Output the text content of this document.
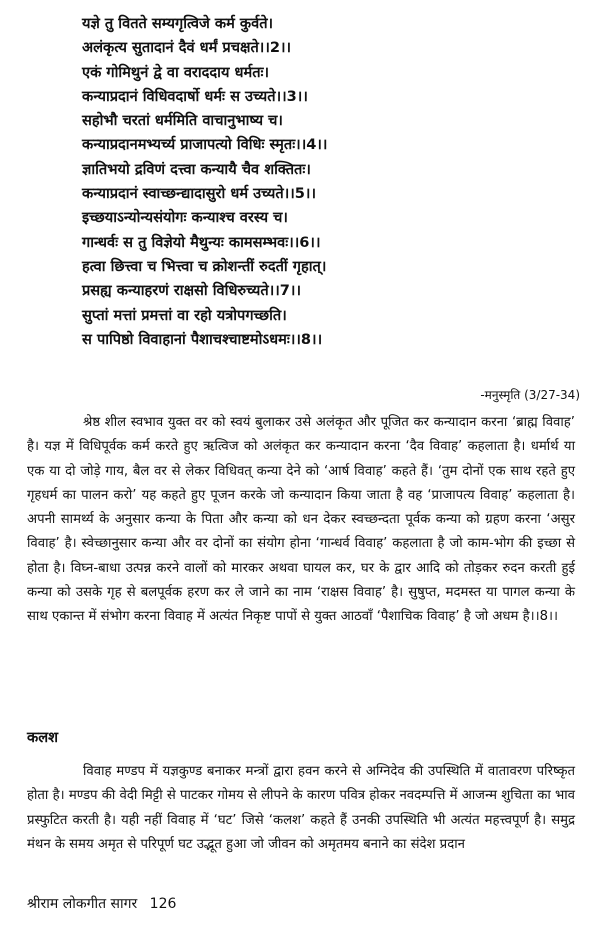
यज्ञे तु वितते सम्यगृत्विजे कर्म कुर्वते।
अलंकृत्य सुतादानं दैवं धर्मं प्रचक्षते।।2।।
एकं गोमिथुनं द्वे वा वराददाय धर्मतः।
कन्याप्रदानं विधिवदार्षो धर्मः स उच्यते।।3।।
सहोभौ चरतां धर्ममिति वाचानुभाष्य च।
कन्याप्रदानमभ्यर्च्य प्राजापत्यो विधिः स्मृतः।।4।।
ज्ञातिभयो द्रविणं दत्त्वा कन्यायै चैव शक्तितः।
कन्याप्रदानं स्वाच्छन्द्यादासुरो धर्म उच्यते।।5।।
इच्छयाऽन्योन्यसंयोगः कन्याश्च वरस्य च।
गान्धर्वः स तु विज्ञेयो मैथुन्यः कामसम्भवः।।6।।
हत्वा छित्त्वा च भित्त्वा च क्रोशन्तीं रुदतीं गृहात्।
प्रसह्य कन्याहरणं राक्षसो विधिरुच्यते।।7।।
सुप्तां मत्तां प्रमत्तां वा रहो यत्रोपगच्छति।
स पापिष्ठो विवाहानां पैशाचश्चाष्टमोऽधमः।।8।।
-मनुस्मृति (3/27-34)

श्रेष्ठ शील स्वभाव युक्त वर को स्वयं बुलाकर उसे अलंकृत और पूजित कर कन्यादान करना ‘ब्राह्म विवाह’ है। यज्ञ में विधिपूर्वक कर्म करते हुए ऋत्विज को अलंकृत कर कन्यादान करना ‘दैव विवाह’ कहलाता है। धर्मार्थ या एक या दो जोड़े गाय, बैल वर से लेकर विधिवत् कन्या देने को ‘आर्ष विवाह’ कहते हैं। ‘तुम दोनों एक साथ रहते हुए गृहधर्म का पालन करो’ यह कहते हुए पूजन करके जो कन्यादान किया जाता है वह ‘प्राजापत्य विवाह’ कहलाता है। अपनी सामर्थ्य के अनुसार कन्या के पिता और कन्या को धन देकर स्वच्छन्दता पूर्वक कन्या को ग्रहण करना ‘असुर विवाह’ है। स्वेच्छानुसार कन्या और वर दोनों का संयोग होना ‘गान्धर्व विवाह’ कहलाता है जो काम-भोग की इच्छा से होता है। विघ्न-बाधा उत्पन्न करने वालों को मारकर अथवा घायल कर, घर के द्वार आदि को तोड़कर रुदन करती हुई कन्या को उसके गृह से बलपूर्वक हरण कर ले जाने का नाम ‘राक्षस विवाह’ है। सुषुप्त, मदमस्त या पागल कन्या के साथ एकान्त में संभोग करना विवाह में अत्यंत निकृष्ट पापों से युक्त आठवाँ ‘पैशाचिक विवाह’ है जो अधम है।।8।।

कलश

विवाह मण्डप में यज्ञकुण्ड बनाकर मन्त्रों द्वारा हवन करने से अग्निदेव की उपस्थिति में वातावरण परिष्कृत होता है। मण्डप की वेदी मिट्टी से पाटकर गोमय से लीपने के कारण पवित्र होकर नवदम्पत्ति में आजन्म शुचिता का भाव प्रस्फुटित करती है। यही नहीं विवाह में ‘घट’ जिसे ‘कलश’ कहते हैं उनकी उपस्थिति भी अत्यंत महत्त्वपूर्ण है। समुद्र मंथन के समय अमृत से परिपूर्ण घट उद्भूत हुआ जो जीवन को अमृतमय बनाने का संदेश प्रदान

श्रीराम लोकगीत सागर 126
